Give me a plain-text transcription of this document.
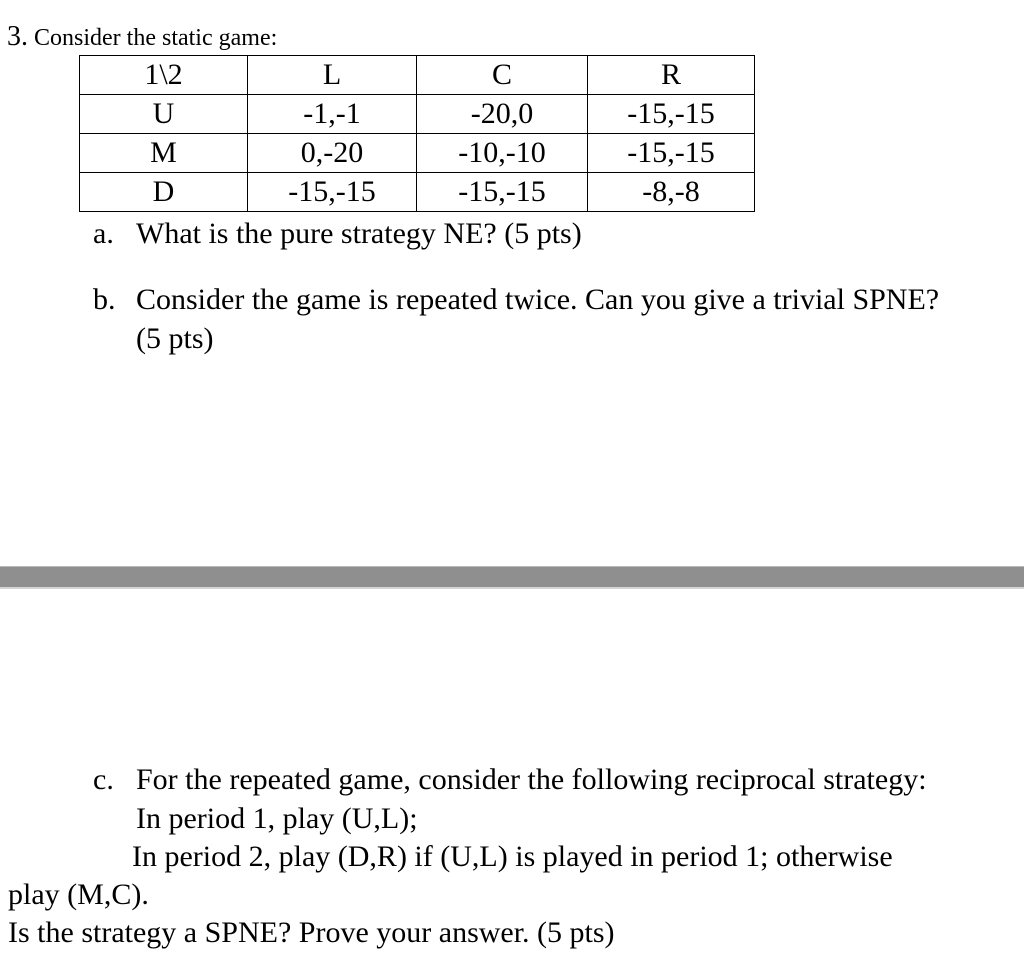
3. Consider the static game:
1\2	L	C	R
U	-1,-1	-20,0	-15,-15
M	0,-20	-10,-10	-15,-15
D	-15,-15	-15,-15	-8,-8
a. What is the pure strategy NE? (5 pts)
b. Consider the game is repeated twice. Can you give a trivial SPNE?
(5 pts)
c. For the repeated game, consider the following reciprocal strategy:
In period 1, play (U,L);
In period 2, play (D,R) if (U,L) is played in period 1; otherwise
play (M,C).
Is the strategy a SPNE? Prove your answer. (5 pts)
